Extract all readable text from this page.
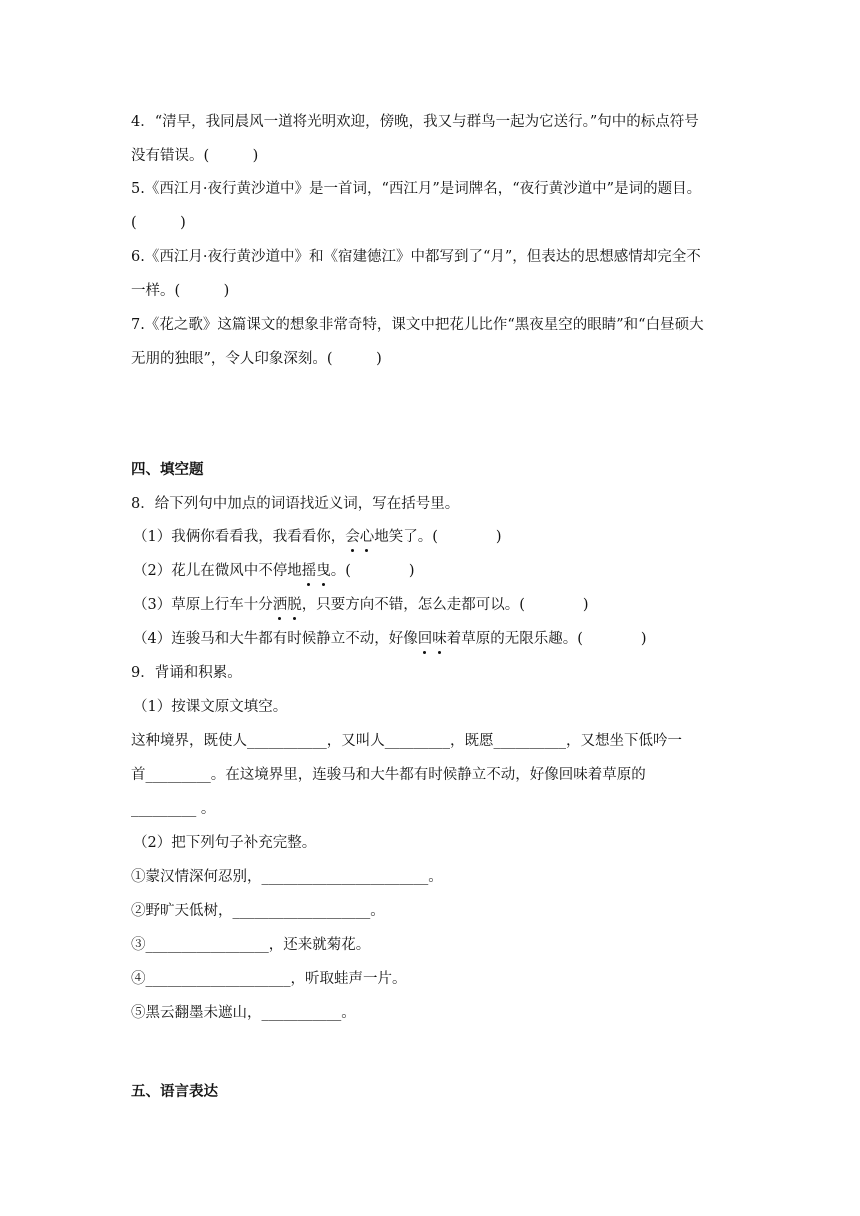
4．“清早，我同晨风一道将光明欢迎，傍晚，我又与群鸟一起为它送行。”句中的标点符号
没有错误。(　　　)
5.《西江月·夜行黄沙道中》是一首词，“西江月”是词牌名，“夜行黄沙道中”是词的题目。
(　　　)
6.《西江月·夜行黄沙道中》和《宿建德江》中都写到了“月”，但表达的思想感情却完全不
一样。(　　　)
7.《花之歌》这篇课文的想象非常奇特，课文中把花儿比作“黑夜星空的眼睛”和“白昼硕大
无朋的独眼”，令人印象深刻。(　　　)
四、填空题
8．给下列句中加点的词语找近义词，写在括号里。
（1）我俩你看看我，我看看你，会心地笑了。(　　　　)
（2）花儿在微风中不停地摇曳。(　　　　)
（3）草原上行车十分洒脱，只要方向不错，怎么走都可以。(　　　　)
（4）连骏马和大牛都有时候静立不动，好像回味着草原的无限乐趣。(　　　　)
9．背诵和积累。
（1）按课文原文填空。
这种境界，既使人___________，又叫人_________，既愿__________，又想坐下低吟一
首_________。在这境界里，连骏马和大牛都有时候静立不动，好像回味着草原的
_________ 。
（2）把下列句子补充完整。
①蒙汉情深何忍别，_______________________。
②野旷天低树，___________________。
③_________________，还来就菊花。
④____________________，听取蛙声一片。
⑤黑云翻墨未遮山，___________。
五、语言表达
